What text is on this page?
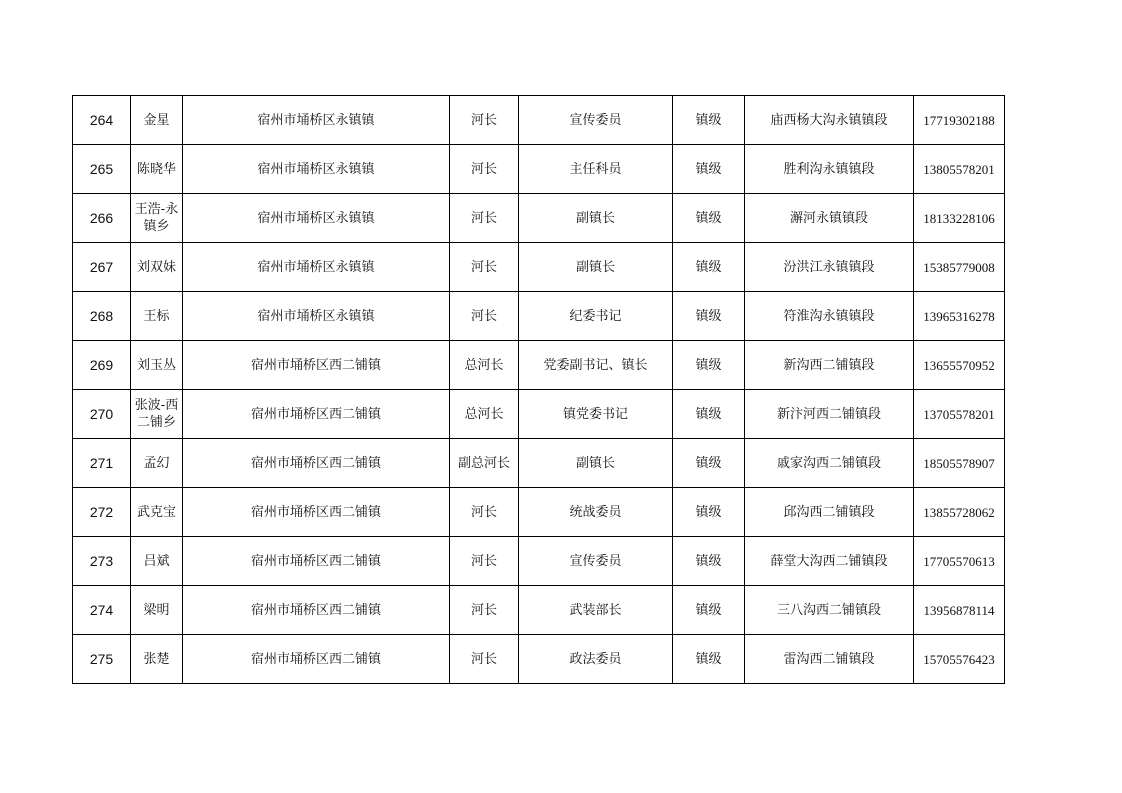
264	金星	宿州市埇桥区永镇镇	河长	宣传委员	镇级	庙西杨大沟永镇镇段	17719302188
265	陈晓华	宿州市埇桥区永镇镇	河长	主任科员	镇级	胜利沟永镇镇段	13805578201
266	王浩-永镇乡	宿州市埇桥区永镇镇	河长	副镇长	镇级	澥河永镇镇段	18133228106
267	刘双妹	宿州市埇桥区永镇镇	河长	副镇长	镇级	汾洪江永镇镇段	15385779008
268	王标	宿州市埇桥区永镇镇	河长	纪委书记	镇级	符淮沟永镇镇段	13965316278
269	刘玉丛	宿州市埇桥区西二铺镇	总河长	党委副书记、镇长	镇级	新沟西二铺镇段	13655570952
270	张波-西二铺乡	宿州市埇桥区西二铺镇	总河长	镇党委书记	镇级	新汴河西二铺镇段	13705578201
271	孟幻	宿州市埇桥区西二铺镇	副总河长	副镇长	镇级	戚家沟西二铺镇段	18505578907
272	武克宝	宿州市埇桥区西二铺镇	河长	统战委员	镇级	邱沟西二铺镇段	13855728062
273	吕斌	宿州市埇桥区西二铺镇	河长	宣传委员	镇级	薛堂大沟西二铺镇段	17705570613
274	梁明	宿州市埇桥区西二铺镇	河长	武装部长	镇级	三八沟西二铺镇段	13956878114
275	张楚	宿州市埇桥区西二铺镇	河长	政法委员	镇级	雷沟西二铺镇段	15705576423
